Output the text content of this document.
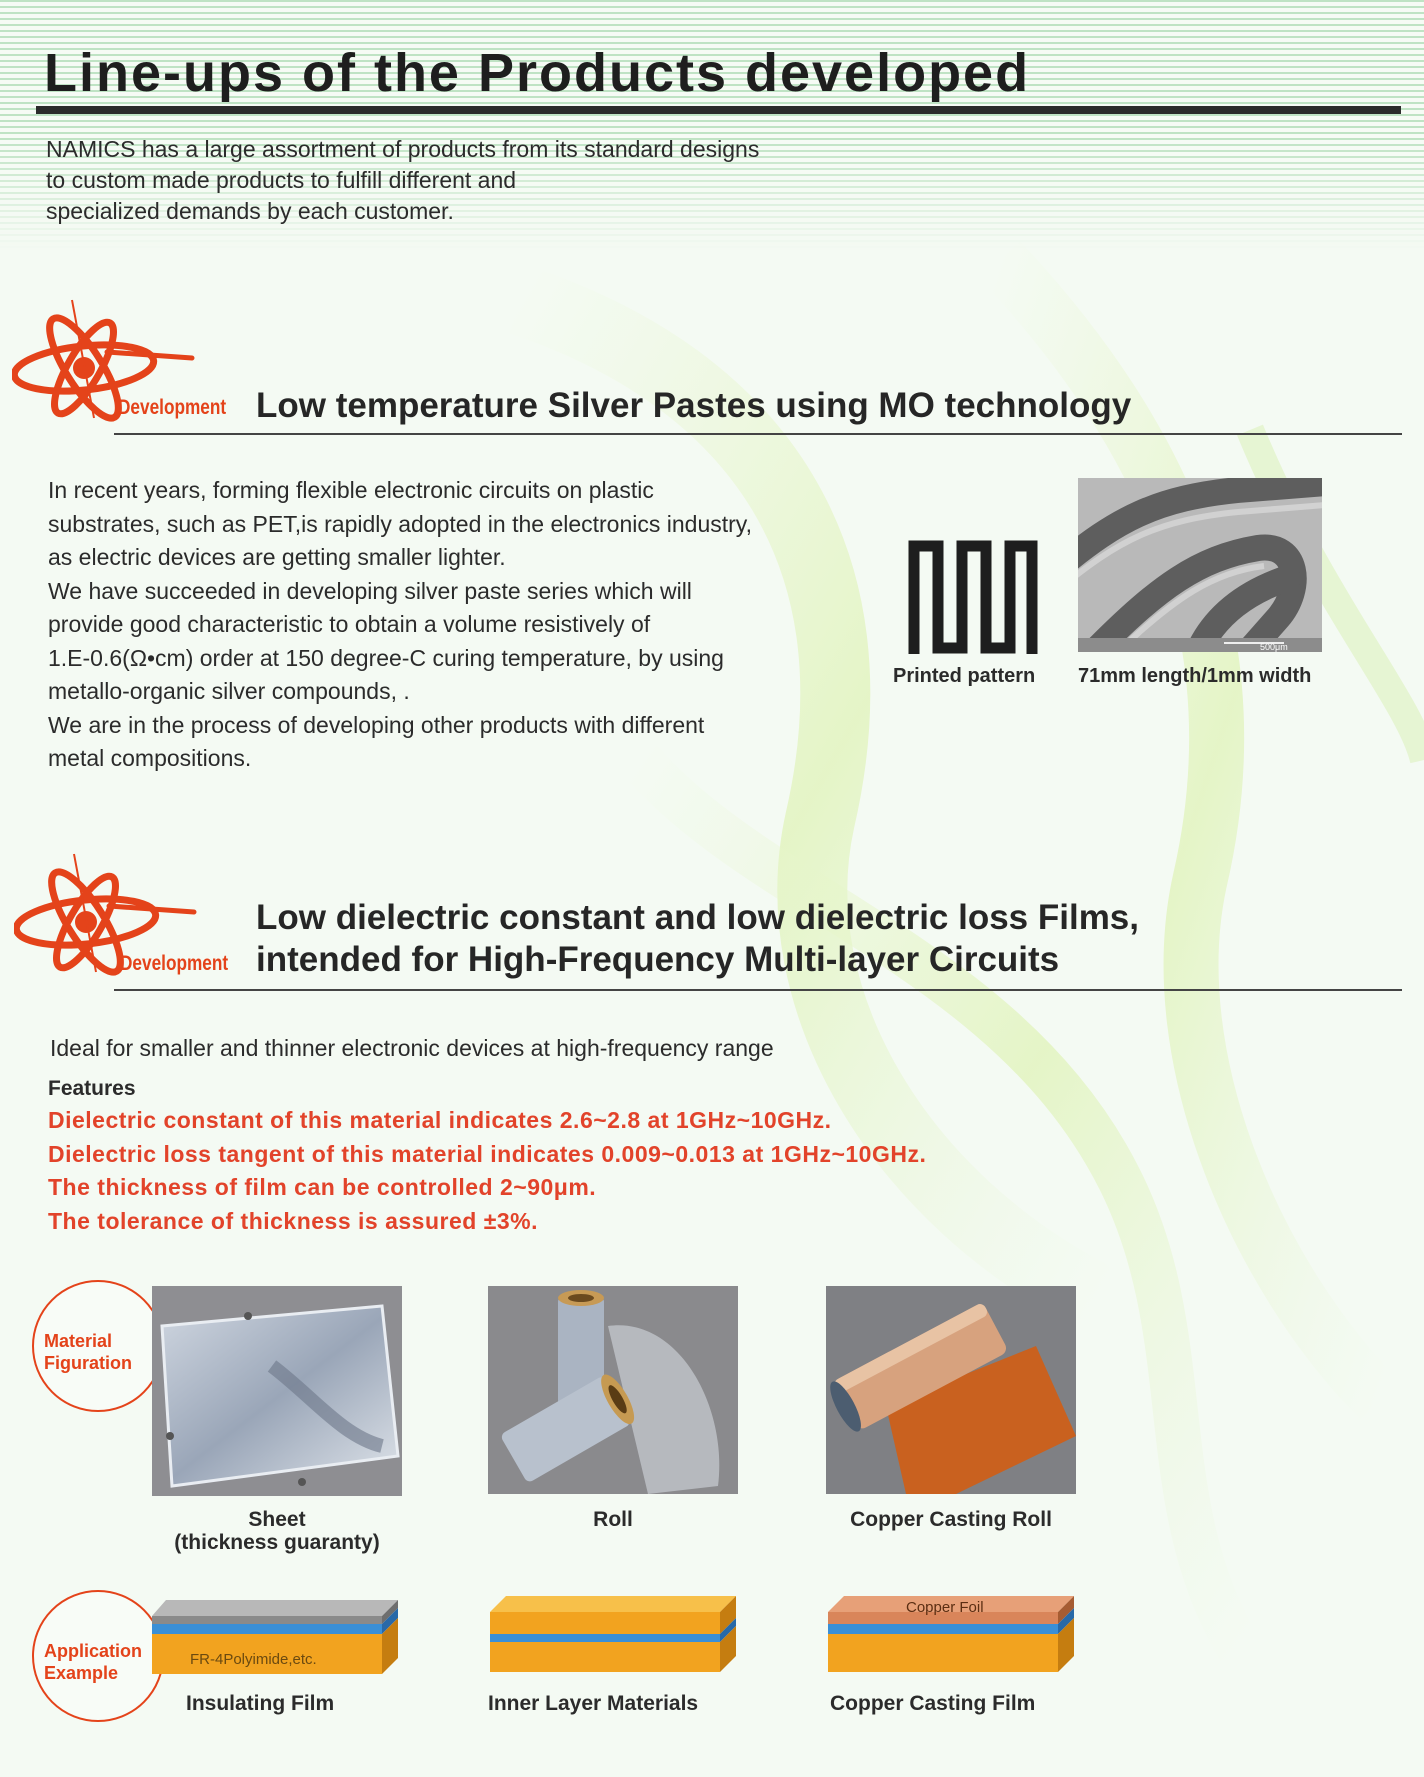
Line-ups of the Products developed
NAMICS has a large assortment of products from its standard designs
to custom made products to fulfill different and
specialized demands by each customer.
Development Low temperature Silver Pastes using MO technology
In recent years, forming flexible electronic circuits on plastic
substrates, such as PET,is rapidly adopted in the electronics industry,
as electric devices are getting smaller lighter.
We have succeeded in developing silver paste series which will
provide good characteristic to obtain a volume resistively of
1.E-0.6(Ω•cm) order at 150 degree-C curing temperature, by using
metallo-organic silver compounds, .
We are in the process of developing other products with different
metal compositions.
Printed pattern
500μm
71mm length/1mm width
Development
Low dielectric constant and low dielectric loss Films,
intended for High-Frequency Multi-layer Circuits
Ideal for smaller and thinner electronic devices at high-frequency range
Features
Dielectric constant of this material indicates 2.6~2.8 at 1GHz~10GHz.
Dielectric loss tangent of this material indicates 0.009~0.013 at 1GHz~10GHz.
The thickness of film can be controlled 2~90μm.
The tolerance of thickness is assured ±3%.
Material
Figuration
Sheet
(thickness guaranty)
Roll	Copper Casting Roll
Application
Example
FR-4Polyimide,etc.
Insulating Film	Inner Layer Materials
Copper Foil
Copper Casting Film
